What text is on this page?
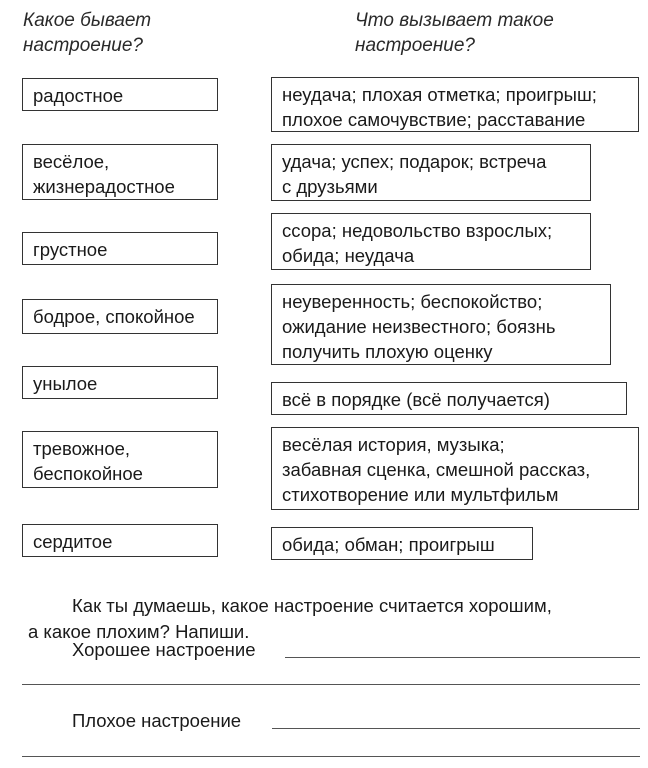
Какое бывает
настроение?
Что вызывает такое
настроение?
радостное
весёлое,
жизнерадостное
грустное
бодрое, спокойное
унылое
тревожное,
беспокойное
сердитое
неудача; плохая отметка; проигрыш;
плохое самочувствие; расставание
удача; успех; подарок; встреча
с друзьями
ссора; недовольство взрослых;
обида; неудача
неуверенность; беспокойство;
ожидание неизвестного; боязнь
получить плохую оценку
всё в порядке (всё получается)
весёлая история, музыка;
забавная сценка, смешной рассказ,
стихотворение или мультфильм
обида; обман; проигрыш
Как ты думаешь, какое настроение считается хорошим,
а какое плохим? Напиши.
Хорошее настроение
Плохое настроение
